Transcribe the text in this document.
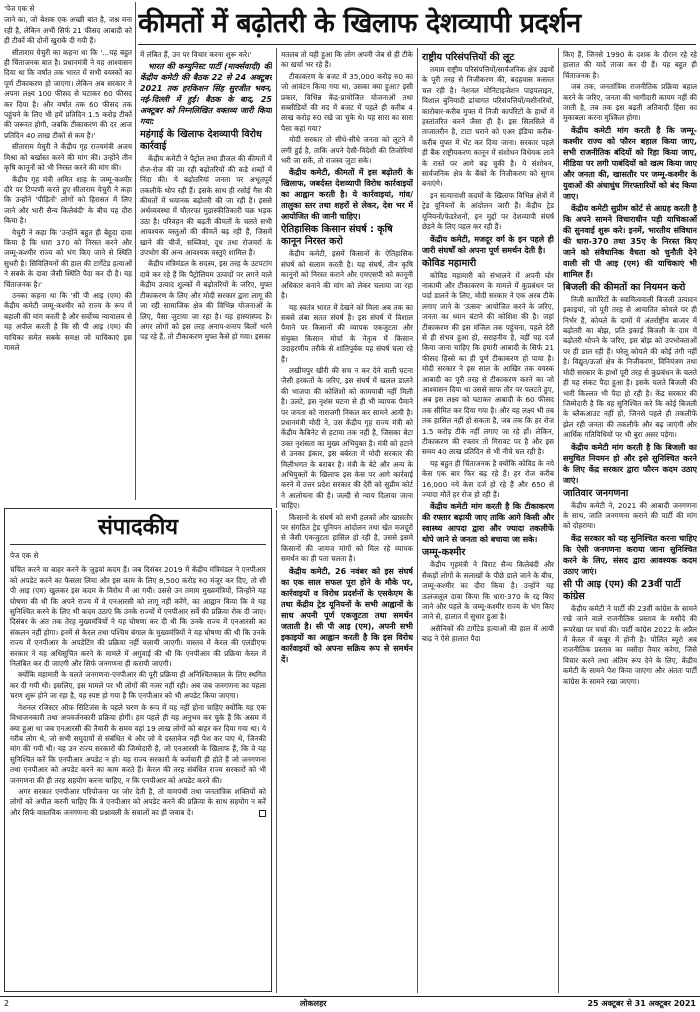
कीमतों में बढ़ोतरी के खिलाफ देशव्यापी प्रदर्शन

'पेज एक से

जाने का, जो बेशक एक अच्छी बात है, जश्न मना रही है, लेकिन अभी सिर्फ 21 फीसद आबादी को ही टीकों की दोनों खुराकें दी गयी हैं।

सीताराम येचुरी का कहना था कि '...यह बहुत ही चिंताजनक बात है। प्रधानमंत्री ने यह आश्वासन दिया था कि वर्षांत तक भारत में सभी वयस्कों का पूर्ण टीकाकरण हो जाएगा। लेकिन अब सरकार ने अपना लक्ष्य 100 फीसद से घटाकर 60 फीसद कर दिया है। और वर्षांत तक 60 फीसद तक पहुंचने के लिए भी हमें प्रतिदिन 1.5 करोड़ टीकों की जरूरत होगी, जबकि टीकाकरण की दर आज प्रतिदिन 40 लाख टीकों से कम है।'

सीताराम येचुरी ने केंद्रीय गृह राज्यमंत्री अजय मिश्रा को बर्खास्त करने की मांग की। उन्होंने तीन कृषि कानूनों को भी निरस्त करने की मांग की।

केंद्रीय गृह मंत्री अमित शाह के जम्मू-कश्मीर दौरे पर टिप्पणी करते हुए सीताराम येचुरी ने कहा कि उन्होंने 'पीड़ितों' लोगों को हिरासत में लिए जाने और भारी सैन्य किलेबंदी' के बीच यह दौरा किया है।

येचुरी ने कहा कि 'उन्होंने बहुत ही बेहूदा दावा किया है कि धारा 370 को निरस्त करने और जम्मू-कश्मीर राज्य को भंग किए जाने से स्थिति सुधरी है। सिविलियनों की हाल की टार्गेटेड हत्याओं ने सबके के दावा जैसी स्थिति पैदा कर दी है। यह चिंताजनक है।'

उनका कहना था कि 'सी पी आइ (एम) की केंद्रीय कमेटी जम्मू-कश्मीर को राज्य के रूप में बहाली की मांग करती है और सर्वोच्च न्यायालय से यह अपील करती है कि सी पी आइ (एम) की याचिका समेत सबके समक्ष जो याचिकाएं इस मामले

में लंबित हैं, उन पर विचार करना शुरू करे।'

भारत की कम्युनिस्ट पार्टी (मार्क्सवादी) की केंद्रीय कमेटी की बैठक 22 से 24 अक्टूबर 2021 तक हरकिशन सिंह सुरजीत भवन, नई-दिल्ली में हुई। बैठक के बाद, 25 अक्टूबर को निम्नलिखित वक्तव्य जारी किया गया:

महंगाई के खिलाफ देशव्यापी विरोध कार्रवाई

केंद्रीय कमेटी ने पैट्रोल तथा डीजल की कीमतों में रोज-रोज की जा रही बढ़ोतरियों की कड़े शब्दों में निंदा की। ये बढ़ोतरियां जनता पर अभूतपूर्व तकलीफें थोप रही हैं। इसके साथ ही रसोई गैस की कीमतों में भयानक बढ़ोतरी की जा रही है। इससे अर्थव्यवस्था में चौतरफा मुद्रास्फीतिकारी चक्र भड़क उठा है। परिवहन की बढ़ती कीमतों के चलते सभी आवश्यक वस्तुओं की कीमतें बढ़ रही हैं, जिसमें खाने की चीजें, सब्जियां, दूध तथा रोजमर्रा के उपभोग की अन्य आवश्यक वस्तुएं शामिल हैं।

केंद्रीय मंत्रिमंडल के सदस्य, इस तरह के उटपटांग दावे कर रहे हैं कि पैट्रोलियम उत्पादों पर लगने वाले केंद्रीय उत्पाद शुल्कों में बढ़ोतरियों के जरिए, मुफ्त टीकाकरण के लिए और मोदी सरकार द्वारा लागू की जा रही सामाजिक क्षेत्र की विभिन्न योजनाओं के लिए, पैसा जुटाया जा रहा है। यह हास्यास्पद है। अगर लोगों को इस तरह अनाप-शनाप बिलों भरने पड़ रहे हैं, तो टीकाकरण मुफ्त कैसे हो गया। इसका

मतलब तो यही हुआ कि लोग अपनी जेब से ही टीके का खर्चा भर रहे हैं।

टीकाकरण के बजट में 35,000 करोड़ रु0 का जो आवंटन किया गया था, उसका क्या हुआ? इसी प्रकार, विभिन्न केंद्र-प्रायोजित योजनाओं तथा सब्सीडियों की मद में बजट में पहले ही करीब 4 लाख करोड़ रु0 रखे जा चुके थे। यह सारा का सारा पैसा कहां गया?

मोदी सरकार तो सीधे-सीधे जनता को लूटने में लगी हुई है, ताकि अपने देसी-विदेशी की तिजोरियां भरी जा सकें, तो राजस्व जुटा सके।

केंद्रीय कमेटी, कीमतों में इस बढ़ोतरी के खिलाफ, जबर्दस्त देशव्यापी विरोध कार्रवाइयों का आह्वान करती है। ये कार्रवाइयां, गांव/तालुका स्तर तथा शहरों से लेकर, देश भर में आयोजित की जानी चाहिए।

ऐतिहासिक किसान संघर्ष : कृषि कानून निरस्त करो

केंद्रीय कमेटी, इसमें किसानों के ऐतिहासिक संघर्ष को सलाम करती है। यह संघर्ष, तीन कृषि कानूनों को निरस्त कराने और एमएसपी को कानूनी अधिकार बनाने की मांग को लेकर चलाया जा रहा है।

यह स्वतंत्र भारत में देखने को मिला अब तक का सबसे लंबा सतत संघर्ष है। इस संघर्ष में विशाल पैमाने पर किसानों की व्यापक एकजुटता और संयुक्त किसान मोर्चा के नेतृत्व में किसान उदाहरणीय तरीके से शांतिपूर्वक यह संघर्ष चला रहे हैं।

लखीमपुर खीरी की सच न कर देने वाली घटना जैसी हरकतों के जरिए, इस संघर्ष में खलल डालने की भाजपा की कोशिशों को कामयाबी नहीं मिली है। उलटे, इस नृशंस घटना से ही भी व्यापक पैमाने पर जनता को नाराजगी निकल कर सामने आयी है। प्रधानमंत्री मोदी ने, उस केंद्रीय गृह राज्य मंत्री को केंद्रीय कैबिनेट से हटाया तक नहीं है, जिसका बेटा उक्त नृशंसता का मुख्य अभियुक्त है। मंत्री को हटाने से उनका इंकार, इस बर्बरता में मोदी सरकार की मिलीभगत के बराबर है। मंत्री के बेटे और अन्य के अभियुक्तों के खिलाफ इस केस पर आगे कार्रवाई करने में उत्तर प्रदेश सरकार की देरी को सुप्रीम कोर्ट ने आलोचना की है। जल्दी से न्याय दिलाया जाना चाहिए।

किसानों के संघर्ष को सभी हलकों और खासतौर पर संगठित ट्रेड यूनियन आंदोलन तथा खेत मजदूरों से जैसी एकजुटता हासिल हो रही है, उससे इसमें किसानों की जायज मांगों को मिल रहे व्यापक समर्थन का ही पता चलता है।

केंद्रीय कमेटी, 26 नवंबर को इस संघर्ष का एक साल सफल पूरा होने के मौके पर, कार्रवाइयों व विरोध प्रदर्शनों के एसकेएम के तथा केंद्रीय ट्रेड यूनियनों के सभी आह्वानों के साथ अपनी पूर्ण एकजुटता तथा समर्थन जताती है। सी पी आइ (एम), अपनी सभी इकाइयों का आह्वान करती है कि इस विरोध कार्रवाइयों को अपना सक्रिय रूप से समर्थन दें।

राष्ट्रीय परिसंपत्तियों की लूट

तमाम राष्ट्रीय परिसंपत्तियों/सार्वजनिक क्षेत्र उद्यमों के पूरी तरह से निजीकरण की, बदहवास कसरत चल रही है। नेशनल मोनिटाइजेशन पाइपलाइन, विशाल बुनियादी ढांचागत परिसंपत्तियों/मशीनरियों, कारोबार-करीब मुफ्त में निजी कार्पोरेटों के हाथों में हस्तांतरित करने जैसा ही है। इस सिलसिले में ताजातरीन है, टाटा घराने को एअर इंडिया करीब-करीब मुफ्त में भेंट कर दिया जाना। सरकार पहले ही बैंक राष्ट्रीयकरण कानून में संशोधन विधेयक लाने के रास्ते पर आगे बढ़ चुकी है। ये संशोधन, सार्वजनिक क्षेत्र के बैंकों के निजीकरण को सुगम बनाएंगे।

इन सत्यानाशी कदमों के खिलाफ विभिन्न क्षेत्रों में ट्रेड यूनियनों के आंदोलन जारी हैं। केंद्रीय ट्रेड यूनियनों/फेडरेशनों, इन मुद्दों पर देशव्यापी संघर्ष छेड़ने के लिए पहल कर रही हैं।

केंद्रीय कमेटी, मजदूर वर्ग के इन पहले ही जारी संघर्षों को अपना पूर्ण समर्थन देती है।

कोविड महामारी

कोविड महामारी को संभालने में अपनी घोर नाकामी और टीकाकरण के मामले में कुप्रबंधन पर पर्दा डालने के लिए, मोदी सरकार ने एक अरब टीके लगाए जाने के 'उत्सव' आयोजित करने के जरिए, जनता का ध्यान बंटाने की कोशिश की है। जहां टीकाकरण की इस मंजिल तक पहुंचना, पहले देरी से ही संभव हुआ हो, सराहनीय है, वहीं यह दर्ज किया जाना चाहिए कि हमारी आबादी के सिर्फ 21 फीसद हिस्से का ही पूर्ण टीकाकरण हो पाया है। मोदी सरकार ने इस साल के आखिर तक वयस्क आबादी का पूरी तरह से टीकाकरण करने का जो आश्वासन दिया था उससे साफ तौर पर पलटते हुए, अब इस लक्ष्य को घटाकर आबादी के 60 फीसद तक सीमित कर दिया गया है। और यह लक्ष्य भी तब तक हासिल नहीं हो सकता है, जब तक कि हर रोज 1.5 करोड़ टीके नहीं लगाए जा रहे हों। लेकिन, टीकाकरण की रफ्तार तो गिरावट पर है और इस समय 40 लाख प्रतिदिन से भी नीचे चल रही है।

यह बहुत ही चिंताजनक है क्योंकि कोविड के नये केस एक बार फिर बढ़ रहे हैं। हर रोज करीब 16,000 नये केस दर्ज हो रहे हैं और 650 से ज्यादा मौतें हर रोज हो रही हैं।

केंद्रीय कमेटी मांग करती है कि टीकाकरण की रफ्तार बढ़ायी जाए ताकि आगे किसी और स्वास्थ्य आपदा द्वारा और ज्यादा तकलीफें थोपे जाने से जनता को बचाया जा सके।

जम्मू-कश्मीर

केंद्रीय गृहमंत्री ने विराट सैन्य किलेबंदी और सैकड़ों लोगों के सलाखों के पीछे डाले जाने के बीच, जम्मू-कश्मीर का दौरा किया है। उन्होंने यह ऊलजलूल दावा किया कि धारा-370 के रद्द किए जाने और पहले के जम्मू-कश्मीर राज्य के भंग किए जाने से, हालात में सुधार हुआ है।

असैनिकों की टार्गेटेड हत्याओं की हाल में आयी बाढ़ ने ऐसे हालात पैदा

किए हैं, जिनसे 1990 के दशक के दौरान रहे रहे हालात की यादें ताजा कर दी हैं। यह बहुत ही चिंताजनक है।

जब तक, जनतांत्रिक राजनीतिक प्रक्रिया बहाल करने के जरिए, जनता की भागीदारी कायम नहीं की जाती है, तब तक इस बढ़ती अतिवादी हिंसा का मुकाबला करना मुश्किल होगा।

केंद्रीय कमेटी मांग करती है कि जम्मू-कश्मीर राज्य को फौरन बहाल किया जाए, सभी राजनीतिक बंदियों को रिहा किया जाए, मीडिया पर लगी पाबंदियों को खत्म किया जाए और जनता की, खासतौर पर जम्मू-कश्मीर के युवाओं की अंधाधुंध गिरफ्तारियों को बंद किया जाए।

केंद्रीय कमेटी सुप्रीम कोर्ट से आग्रह करती है कि अपने सामने विचाराधीन पड़ी याचिकाओं की सुनवाई शुरू करे। इनमें, भारतीय संविधान की धारा-370 तथा 35ए के निरस्त किए जाने को संवैधानिक वैधता को चुनौती देने वाली सी पी आइ (एम) की याचिकाएं भी शामिल हैं।

बिजली की कीमतों का नियमन करो

निजी कार्पोरेटों के स्वामित्ववाली बिजली उत्पादन इकाइयां, जो पूरी तरह से आयातित कोयले पर ही निर्भर हैं, कोयले के दामों में अंतर्राष्ट्रीय बाजार में बढ़ोतरी का बोझ, प्रति इकाई बिजली के दाम में बढ़ोतरी थोपने के जरिए, इस बोझ को उपभोक्ताओं पर ही डाल रही हैं। घरेलू कोयले की कोई तंगी नहीं है। विद्युत/ऊर्जा क्षेत्र के निजीकरण, विनियंत्रण तथा मोदी सरकार के हाथों पूरी तरह से कुप्रबंधन के चलते ही यह संकट पैदा हुआ है। इसके चलते बिजली की भारी किल्लत भी पैदा हो रही है। केंद्र सरकार की जिम्मेदारी है कि वह सुनिश्चित करे कि कोई बिजली के ब्लैकआउट नहीं हों, जिनसे पहले ही तकलीफें झेल रही जनता की तकलीफें और बढ़ जाएंगी और आर्थिक गतिविधियों पर भी बुरा असर पड़ेगा।

केंद्रीय कमेटी मांग करती है कि बिजली का समुचित नियमन हो और इसे सुनिश्चित करने के लिए केंद्र सरकार द्वारा फौरन कदम उठाए जाएं।

जातिवार जनगणना

केंद्रीय कमेटी ने, 2021 की आबादी जनगणना के साथ, जाति जनगणना कराने की पार्टी की मांग को दोहराया।

केंद्र सरकार को यह सुनिश्चित करना चाहिए कि ऐसी जनगणना कराया जाना सुनिश्चित करने के लिए, संसद द्वारा आवश्यक कदम उठाए जाएं।

सी पी आइ (एम) की 23वीं पार्टी कांग्रेस

केंद्रीय कमेटी ने पार्टी की 23वीं कांग्रेस के सामने रखे जाने वाले राजनीतिक प्रस्ताव के मसौदे की रूपरेखा पर चर्चा की। पार्टी कांग्रेस 2022 के अप्रैल में केरल में कन्नूर में होनी है। पोलित ब्यूरो अब राजनीतिक प्रस्ताव का मसौदा तैयार करेगा, जिसे विचार करने तथा अंतिम रूप देने के लिए, केंद्रीय कमेटी के सामने पेश किया जाएगा और अंततः पार्टी कांग्रेस के सामने रखा जाएगा।

संपादकीय

पेज एक से

चंचित करने या बाहर करने के जुड़वां कदम हैं। जब दिसंबर 2019 में केंद्रीय मंत्रिमंडल ने एनपीआर को अपडेट करने का फैसला लिया और इस काम के लिए 8,500 करोड़ रु0 मंजूर कर दिए, तो सी पी आइ (एम) खुलकर इस कदम के विरोध में आ गयी। उससे उन तमाम मुख्यमंत्रियों, जिन्होंने यह घोषणा की थी कि अपने राज्य में वे एनआरसी को लागू नहीं करेंगे, का आह्वान किया कि वे यह सुनिश्चित करने के लिए भी कदम उठाएं कि उनके राज्यों में एनपीआर सर्वे की प्रक्रिया रोक दी जाए। दिसंबर के अंत तक तेरह मुख्यमंत्रियों ने यह घोषणा कर दी थी कि उनके राज्य में एनआरसी का संकलन नहीं होगा। इनमें से केरल तथा पश्चिम बंगाल के मुख्यमंत्रियों ने यह घोषणा की थी कि उनके राज्य में एनपीआर के अपडेटिंग की प्रक्रिया नहीं चलायी जाएगी। वास्तव में केरल की एलडीएफ सरकार ने यह अधिसूचित करने के मामले में अगुवाई की थी कि एनपीआर की प्रक्रिया केरल में निलंबित कर दी जाएगी और सिर्फ जनगणना ही करायी जाएगी।

क्योंकि महामारी के चलते जनगणना-एनपीआर की पूरी प्रक्रिया ही अनिश्चितकाल के लिए स्थगित कर दी गयी थी। इसलिए, इस मामले पर भी लोगों की नजर नहीं रही। अब जब जनगणना का पहला चरण शुरू होने जा रहा है, यह स्पष्ट हो गया है कि एनपीआर को भी अपडेट किया जाएगा।

नेशनल रजिस्टर ऑफ सिटिजंस के पहले चरण के रूप में यह नहीं होना चाहिए क्योंकि यह एक विभाजनकारी तथा अपवर्जनकारी प्रक्रिया होगी। हम पहले ही यह अनुभव कर चुके हैं कि असम में क्या हुआ था जब एनआरसी की तैयारी के समय वहां 19 लाख लोगों को बाहर कर दिया गया था। ये गरीब लोग थे, जो सभी समुदायों से संबंधित थे और जो ये दस्तावेज नहीं पेश कर पाए थे, जिनकी मांग की गयी थी। यह उन राज्य सरकारों की जिम्मेदारी है, जो एनआरसी के खिलाफ हैं, कि वे यह सुनिश्चित करें कि एनपीआर अपडेट न हो। यह राज्य सरकारों के कर्मचारी ही होते हैं जो जनगणना तथा एनपीआर को अपडेट करने का काम करते हैं। केरल की तरह संबंधित राज्य सरकारों को भी जनगणना की ही तरह सहयोग करना चाहिए, न कि एनपीआर को अपडेट करने की।

अगर सरकार एनपीआर परियोजना पर जोर देती है, तो वामपंथी तथा जनतांत्रिक शक्तियों को लोगों को अपील करनी चाहिए कि वे एनपीआर को अपडेट करने की प्रक्रिया के साथ सहयोग न करें और सिर्फ वास्तविक जनगणना की प्रश्नावली के सवालों का ही जवाब दें।

2	लोकलहर	25 अक्टूबर से 31 अक्टूबर 2021
